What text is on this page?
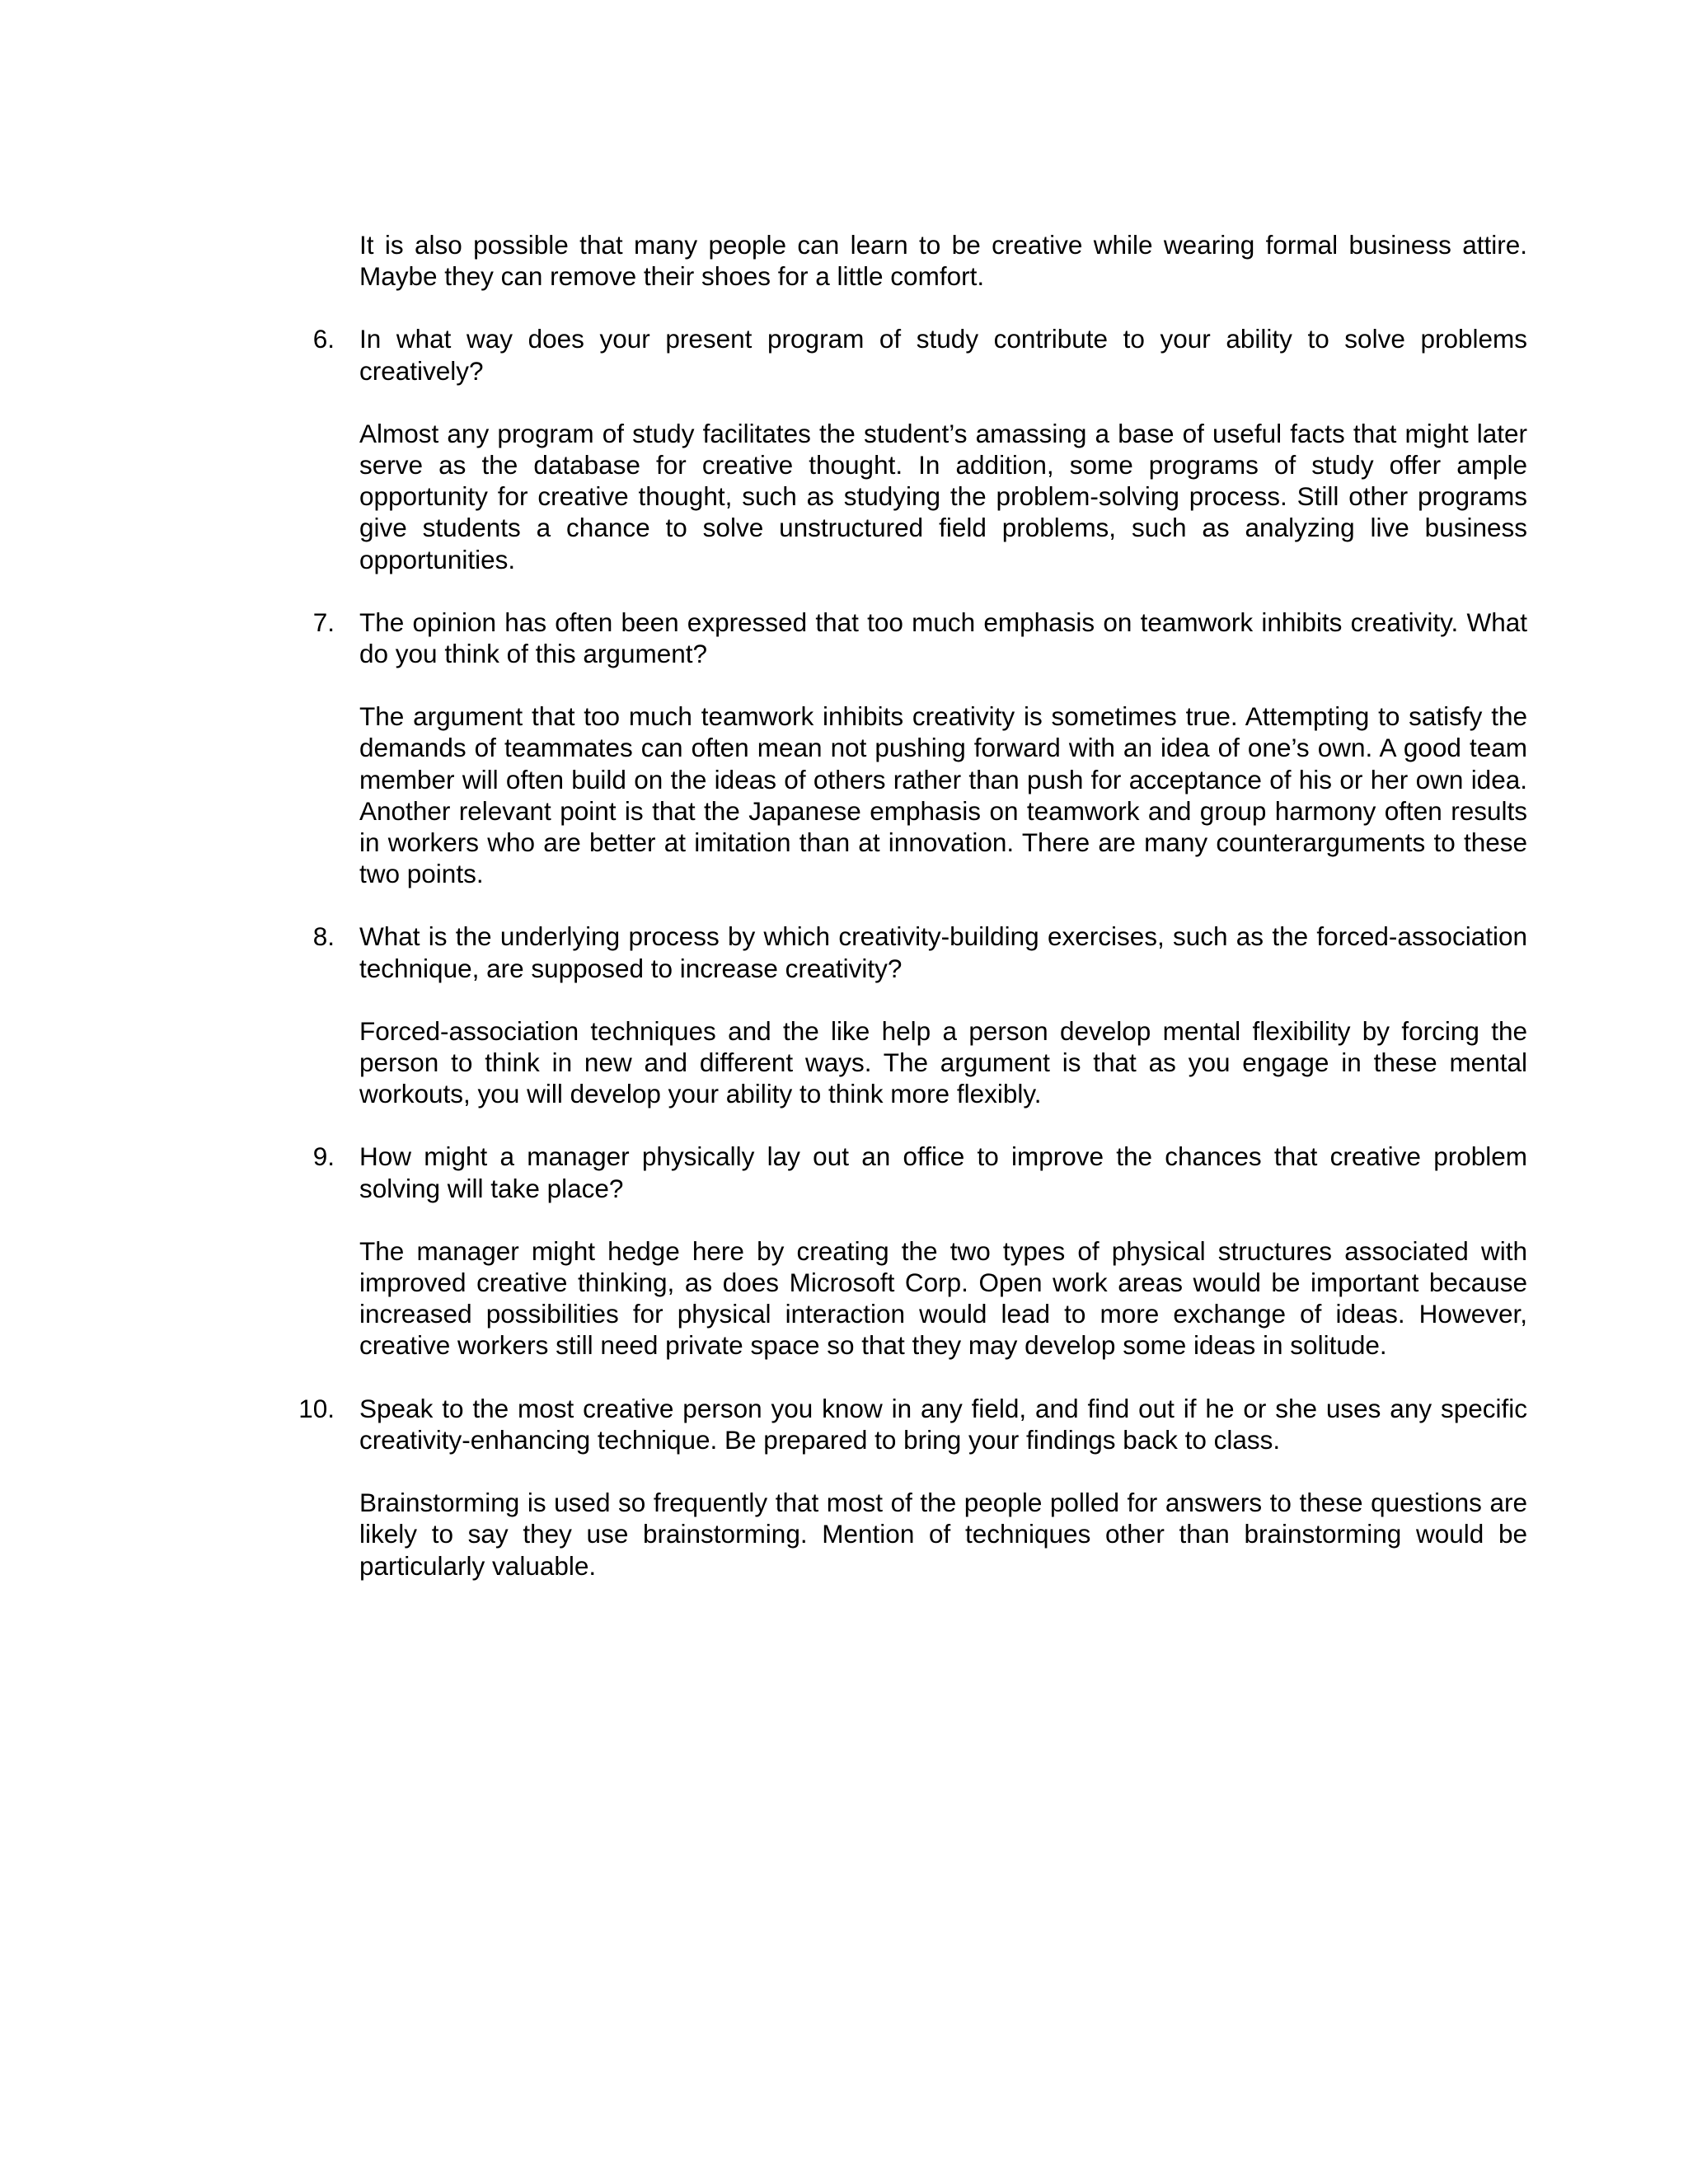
It is also possible that many people can learn to be creative while wearing formal business attire. Maybe they can remove their shoes for a little comfort.
6. In what way does your present program of study contribute to your ability to solve problems creatively?
Almost any program of study facilitates the student’s amassing a base of useful facts that might later serve as the database for creative thought. In addition, some programs of study offer ample opportunity for creative thought, such as studying the problem-solving process. Still other programs give students a chance to solve unstructured field problems, such as analyzing live business opportunities.
7. The opinion has often been expressed that too much emphasis on teamwork inhibits creativity. What do you think of this argument?
The argument that too much teamwork inhibits creativity is sometimes true. Attempting to satisfy the demands of teammates can often mean not pushing forward with an idea of one’s own. A good team member will often build on the ideas of others rather than push for acceptance of his or her own idea. Another relevant point is that the Japanese emphasis on teamwork and group harmony often results in workers who are better at imitation than at innovation. There are many counterarguments to these two points.
8. What is the underlying process by which creativity-building exercises, such as the forced-association technique, are supposed to increase creativity?
Forced-association techniques and the like help a person develop mental flexibility by forcing the person to think in new and different ways. The argument is that as you engage in these mental workouts, you will develop your ability to think more flexibly.
9. How might a manager physically lay out an office to improve the chances that creative problem solving will take place?
The manager might hedge here by creating the two types of physical structures associated with improved creative thinking, as does Microsoft Corp. Open work areas would be important because increased possibilities for physical interaction would lead to more exchange of ideas. However, creative workers still need private space so that they may develop some ideas in solitude.
10. Speak to the most creative person you know in any field, and find out if he or she uses any specific creativity-enhancing technique. Be prepared to bring your findings back to class.
Brainstorming is used so frequently that most of the people polled for answers to these questions are likely to say they use brainstorming. Mention of techniques other than brainstorming would be particularly valuable.
